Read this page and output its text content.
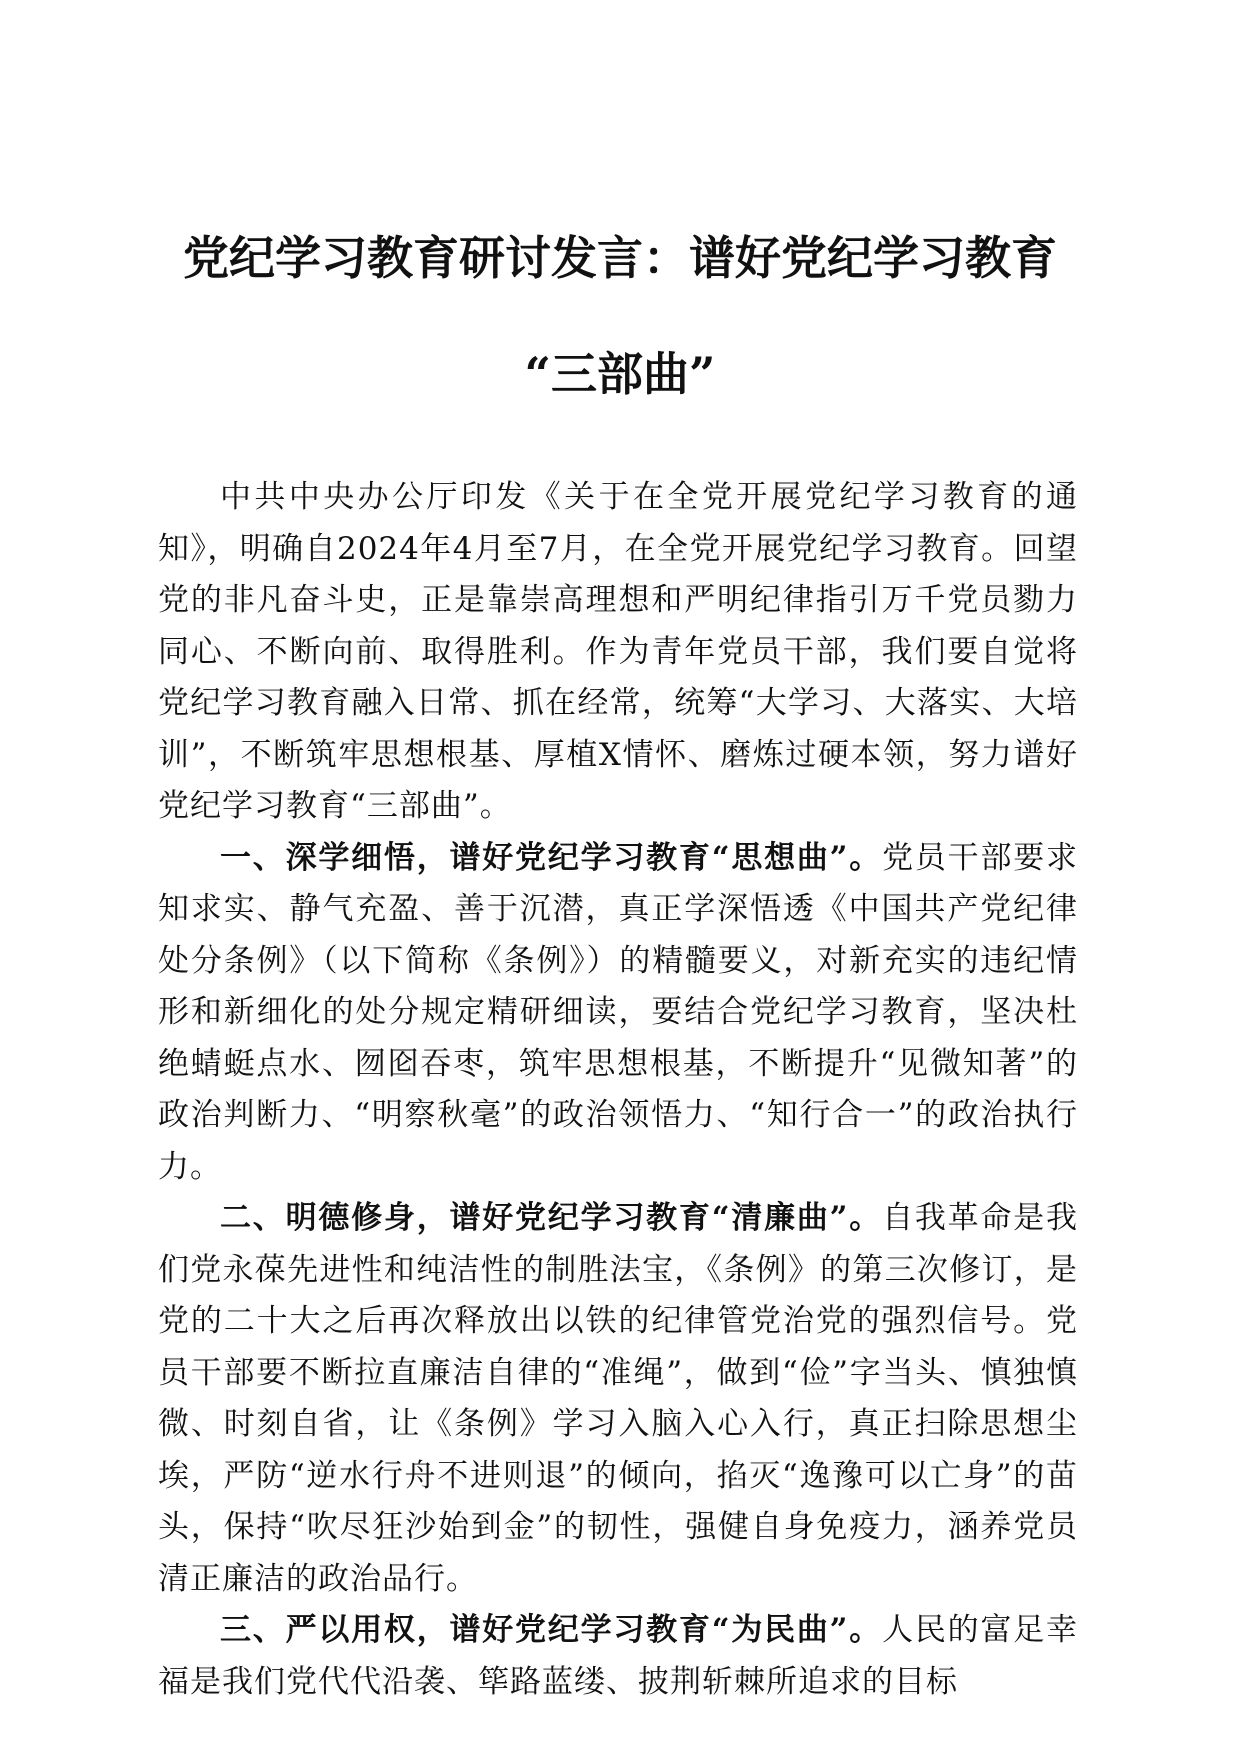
党纪学习教育研讨发言：谱好党纪学习教育
“三部曲”

中共中央办公厅印发《关于在全党开展党纪学习教育的通知》，明确自2024年4月至7月，在全党开展党纪学习教育。回望党的非凡奋斗史，正是靠崇高理想和严明纪律指引万千党员勠力同心、不断向前、取得胜利。作为青年党员干部，我们要自觉将党纪学习教育融入日常、抓在经常，统筹“大学习、大落实、大培训”，不断筑牢思想根基、厚植X情怀、磨炼过硬本领，努力谱好党纪学习教育“三部曲”。

一、深学细悟，谱好党纪学习教育“思想曲”。党员干部要求知求实、静气充盈、善于沉潜，真正学深悟透《中国共产党纪律处分条例》（以下简称《条例》）的精髓要义，对新充实的违纪情形和新细化的处分规定精研细读，要结合党纪学习教育，坚决杜绝蜻蜓点水、囫囵吞枣，筑牢思想根基，不断提升“见微知著”的政治判断力、“明察秋毫”的政治领悟力、“知行合一”的政治执行力。

二、明德修身，谱好党纪学习教育“清廉曲”。自我革命是我们党永葆先进性和纯洁性的制胜法宝，《条例》的第三次修订，是党的二十大之后再次释放出以铁的纪律管党治党的强烈信号。党员干部要不断拉直廉洁自律的“准绳”，做到“俭”字当头、慎独慎微、时刻自省，让《条例》学习入脑入心入行，真正扫除思想尘埃，严防“逆水行舟不进则退”的倾向，掐灭“逸豫可以亡身”的苗头，保持“吹尽狂沙始到金”的韧性，强健自身免疫力，涵养党员清正廉洁的政治品行。

三、严以用权，谱好党纪学习教育“为民曲”。人民的富足幸福是我们党代代沿袭、筚路蓝缕、披荆斩棘所追求的目标
